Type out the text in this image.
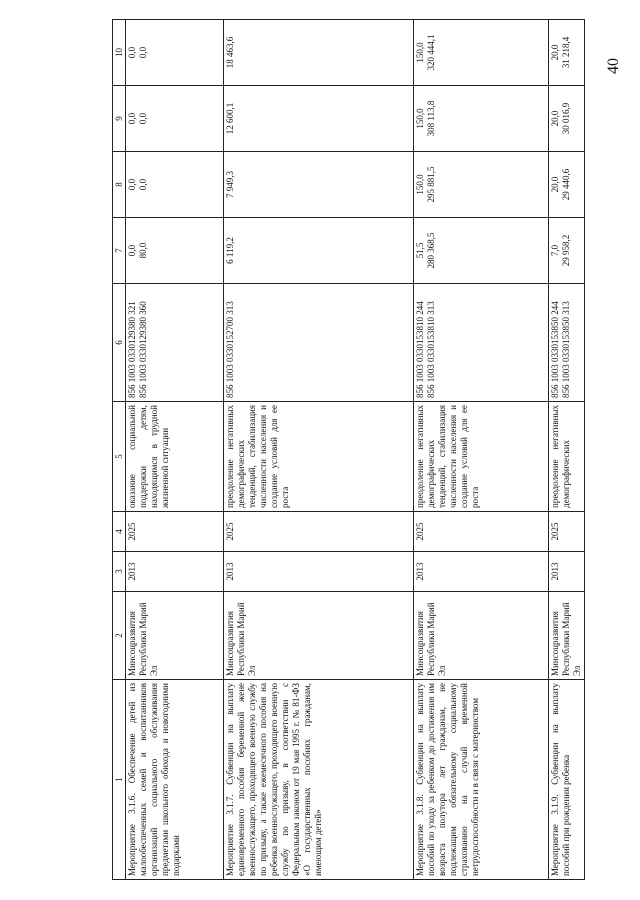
40
1	2	3	4	5	6	7	8	9	10
Мероприятие 3.1.6. Обеспечение детей из малообеспеченных семей и воспитанников организаций социального обслуживания предметами школьного обихода и новогодними подарками	Минсоцразвития Республики Марий Эл	2013	2025	оказание социальной поддержки детям, находящимся в трудной жизненной ситуации	856 1003 0330129380 321 856 1003 0330129380 360	0,0 80,0	0,0 0,0	0,0 0,0	0,0 0,0

Мероприятие 3.1.7. Субвенции на выплату единовременного пособия беременной жене военнослужащего, проходящего военную службу по призыву, а также ежемесячного пособия на ребенка военнослужащего, проходящего военную службу по призыву, в соответствии с Федеральным законом от 19 мая 1995 г. № 81-ФЗ «О государственных пособиях гражданам, имеющим детей»	Минсоцразвития Республики Марий Эл	2013	2025	преодоление негативных демографических тенденций, стабилизация численности населения и создание условий для ее роста	856 1003 0330152700 313	6 119,2	7 949,3	12 600,1	18 463,6

Мероприятие 3.1.8. Субвенции на выплату пособий по уходу за ребенком до достижения им возраста полутора лет гражданам, не подлежащим обязательному социальному страхованию на случай временной нетрудоспособности и в связи с материнством	Минсоцразвития Республики Марий Эл	2013	2025	преодоление негативных демографических тенденций, стабилизация численности населения и создание условий для ее роста	856 1003 0330153810 244 856 1003 0330153810 313	51,5 280 368,5	150,0 295 881,5	150,0 308 113,8	150,0 320 444,1

Мероприятие 3.1.9. Субвенции на выплату пособий при рождении ребенка	Минсоцразвития Республики Марий Эл	2013	2025	преодоление негативных демографических	856 1003 0330153850 244 856 1003 0330153850 313	7,0 29 958,2	20,0 29 440,6	20,0 30 016,9	20,0 31 218,4
